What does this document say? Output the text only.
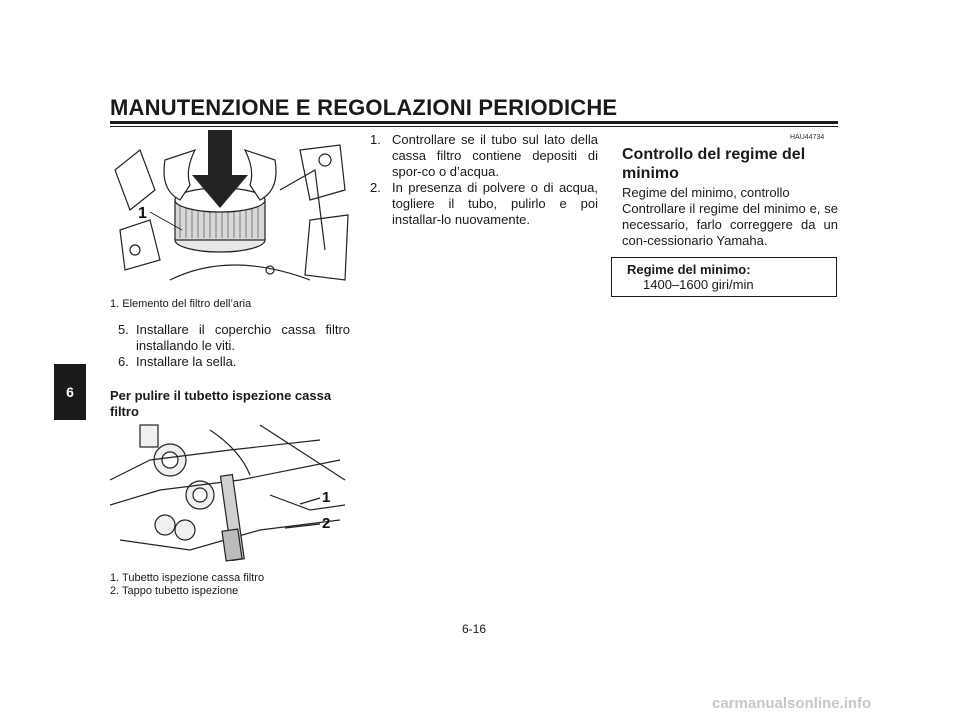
MANUTENZIONE E REGOLAZIONI PERIODICHE
6
1
1. Elemento del filtro dell’aria
5. Installare il coperchio cassa filtro installando le viti.
6. Installare la sella.
Per pulire il tubetto ispezione cassa filtro
1
2
1. Tubetto ispezione cassa filtro
2. Tappo tubetto ispezione
1. Controllare se il tubo sul lato della cassa filtro contiene depositi di spor-co o d’acqua.
2. In presenza di polvere o di acqua, togliere il tubo, pulirlo e poi installar-lo nuovamente.
HAU44734
Controllo del regime del minimo
Regime del minimo, controllo
Controllare il regime del minimo e, se necessario, farlo correggere da un con-cessionario Yamaha.
Regime del minimo:
1400–1600 giri/min
6-16
carmanualsonline.info
